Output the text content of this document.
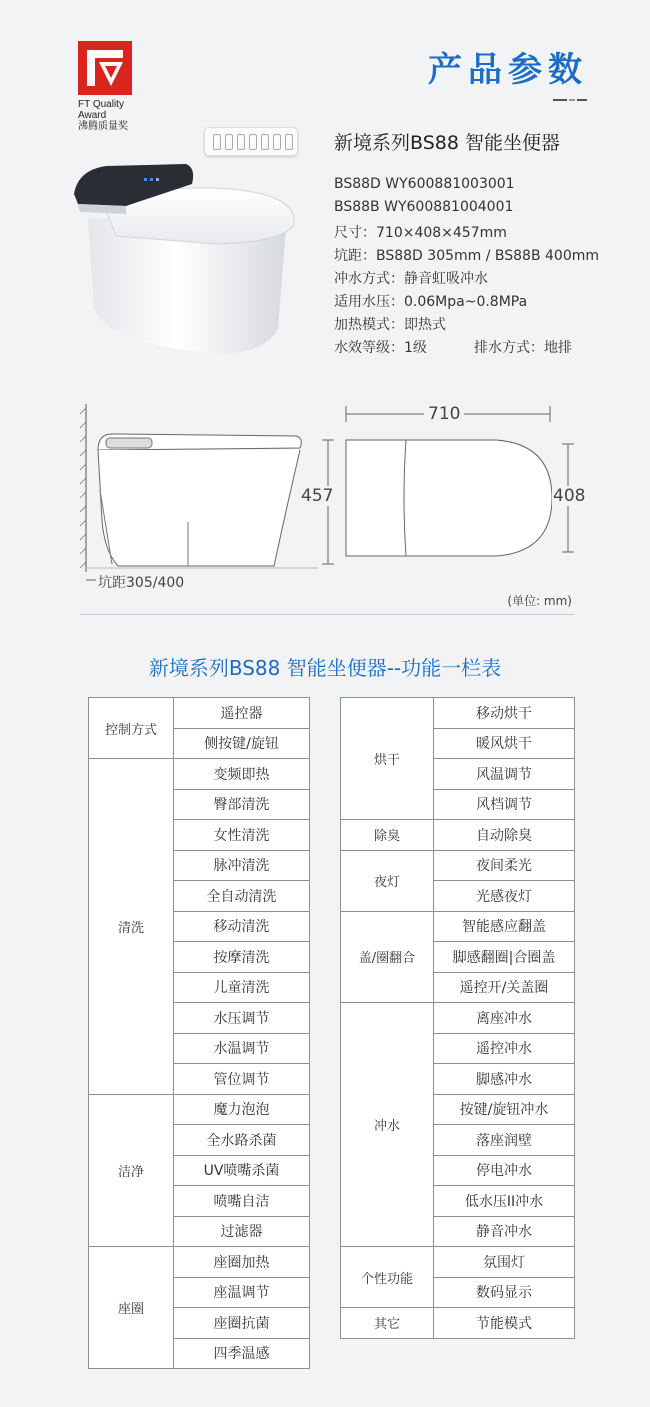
FT Quality
Award
沸腾质量奖
产品参数
新境系列BS88 智能坐便器
BS88D WY600881003001
BS88B WY600881004001
尺寸：710×408×457mm
坑距：BS88D 305mm / BS88B 400mm
冲水方式：静音虹吸冲水
适用水压：0.06Mpa~0.8MPa
加热模式：即热式
水效等级：1级	排水方式：地排
457
坑距305/400
710
408
(单位: mm)
新境系列BS88 智能坐便器--功能一栏表
控制方式	遥控器
	侧按键/旋钮
清洗	变频即热
	臀部清洗
	女性清洗
	脉冲清洗
	全自动清洗
	移动清洗
	按摩清洗
	儿童清洗
	水压调节
	水温调节
	管位调节
洁净	魔力泡泡
	全水路杀菌
	UV喷嘴杀菌
	喷嘴自洁
	过滤器
座圈	座圈加热
	座温调节
	座圈抗菌
	四季温感
烘干	移动烘干
	暖风烘干
	风温调节
	风档调节
除臭	自动除臭
夜灯	夜间柔光
	光感夜灯
盖/圈翻合	智能感应翻盖
	脚感翻圈|合圈盖
	遥控开/关盖圈
冲水	离座冲水
	遥控冲水
	脚感冲水
	按键/旋钮冲水
	落座润壁
	停电冲水
	低水压II冲水
	静音冲水
个性功能	氛围灯
	数码显示
其它	节能模式
